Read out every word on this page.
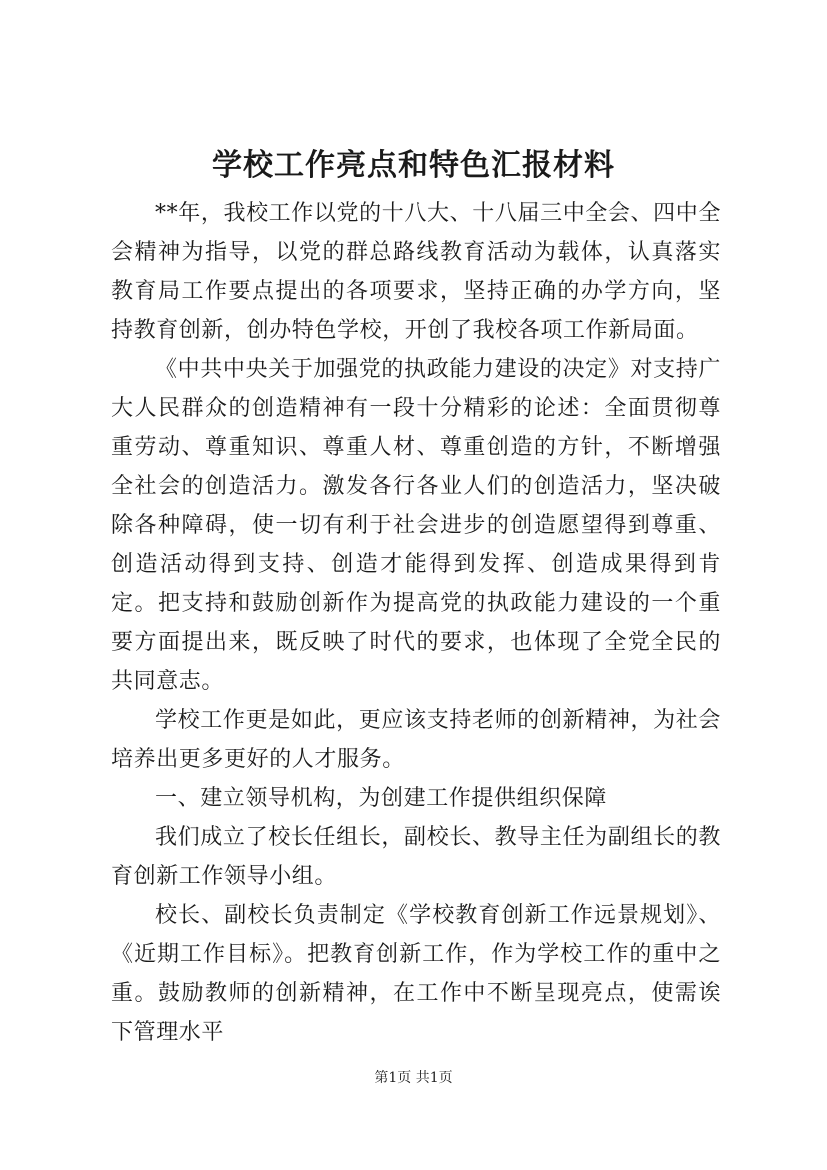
学校工作亮点和特色汇报材料

**年，我校工作以党的十八大、十八届三中全会、四中全会精神为指导，以党的群总路线教育活动为载体，认真落实教育局工作要点提出的各项要求，坚持正确的办学方向，坚持教育创新，创办特色学校，开创了我校各项工作新局面。

《中共中央关于加强党的执政能力建设的决定》对支持广大人民群众的创造精神有一段十分精彩的论述：全面贯彻尊重劳动、尊重知识、尊重人材、尊重创造的方针，不断增强全社会的创造活力。激发各行各业人们的创造活力，坚决破除各种障碍，使一切有利于社会进步的创造愿望得到尊重、创造活动得到支持、创造才能得到发挥、创造成果得到肯定。把支持和鼓励创新作为提高党的执政能力建设的一个重要方面提出来，既反映了时代的要求，也体现了全党全民的共同意志。

学校工作更是如此，更应该支持老师的创新精神，为社会培养出更多更好的人才服务。

一、建立领导机构，为创建工作提供组织保障

我们成立了校长任组长，副校长、教导主任为副组长的教育创新工作领导小组。

校长、副校长负责制定《学校教育创新工作远景规划》、《近期工作目标》。把教育创新工作，作为学校工作的重中之重。鼓励教师的创新精神，在工作中不断呈现亮点，使需诶下管理水平

第1页 共1页
